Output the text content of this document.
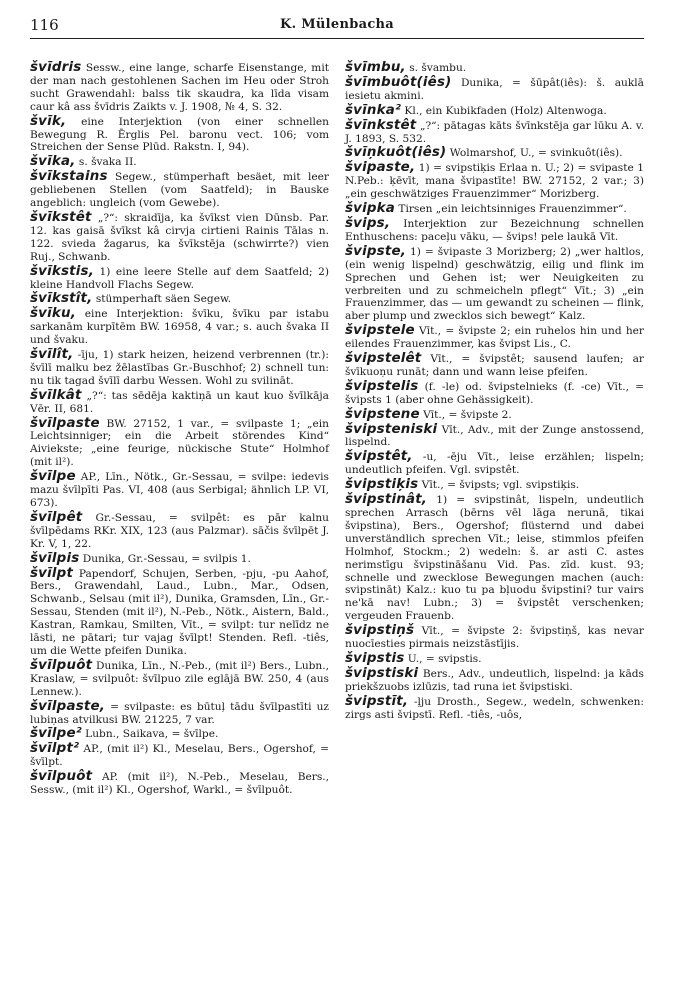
116	K. Mülenbacha
švīdris Sessw., eine lange, scharfe Eisenstange, mit der man nach gestohlenen Sachen im Heu oder Stroh sucht Grawendahl: balss tik skaudra, ka līda visam caur kâ ass švīdris Zaikts v. J. 1908, № 4, S. 32.
švīk, eine Interjektion (von einer schnellen Bewegung R. Ērglis Pel. baronu vect. 106; vom Streichen der Sense Plūd. Rakstn. I, 94).
švīka, s. švaka II.
švīkstains Segew., stümperhaft besäet, mit leer gebliebenen Stellen (vom Saatfeld); in Bauske angeblich: ungleich (vom Gewebe).
švīkstêt „?“: skraidīja, ka švīkst vien Dūnsb. Par. 12. kas gaisā švīkst kâ cirvja cirtieni Rainis Tālas n. 122. svieda žagarus, ka švīkstēja (schwirrte?) vien Ruj., Schwanb.
švīkstis, 1) eine leere Stelle auf dem Saatfeld; 2) kleine Handvoll Flachs Segew.
švīkstît, stümperhaft säen Segew.
švīku, eine Interjektion: švīku, švīku par istabu sarkanām kurpītēm BW. 16958, 4 var.; s. auch švaka II und švaku.
švīlît, -īju, 1) stark heizen, heizend verbrennen (tr.): švīlī malku bez žēlastības Gr.-Buschhof; 2) schnell tun: nu tik tagad švīlī darbu Wessen. Wohl zu svilināt.
švīlkât „?“: tas sēdēja kaktiņā un kaut kuo švīlkāja Vēr. II, 681.
švīlpaste BW. 27152, 1 var., = svilpaste 1; „ein Leichtsinniger; ein die Arbeit störendes Kind“ Aiviekste; „eine feurige, nückische Stute“ Holmhof (mit il²).
švīlpe AP., Līn., Nötk., Gr.-Sessau, = svilpe: iedevis mazu švīlpīti Pas. VI, 408 (aus Serbigal; ähnlich LP. VI, 673).
švīlpêt Gr.-Sessau, = svilpêt: es pār kalnu švīlpēdams RKr. XIX, 123 (aus Palzmar). sāčis švīlpēt J. Kr. V, 1, 22.
švīlpis Dunika, Gr.-Sessau, = svilpis 1.
švīlpt Papendorf, Schujen, Serben, -pju, -pu Aahof, Bers., Grawendahl, Laud., Lubn., Mar., Odsen, Schwanb., Selsau (mit il²), Dunika, Gramsden, Līn., Gr.-Sessau, Stenden (mit il²), N.-Peb., Nötk., Aistern, Bald., Kastran, Ramkau, Smilten, Vīt., = svilpt: tur nelīdz ne lāsti, ne pātari; tur vajag švīlpt! Stenden. Refl. -tiês, um die Wette pfeifen Dunika.
švīlpuôt Dunika, Līn., N.-Peb., (mit il²) Bers., Lubn., Kraslaw, = svilpuôt: švīlpuo zile eglājā BW. 250, 4 (aus Lennew.).
švīlpaste, = svilpaste: es būtuļ tādu švīlpastīti uz lubiņas atvilkusi BW. 21225, 7 var.
švīlpe² Lubn., Saikava, = švīlpe.
švīlpt² AP., (mit il²) Kl., Meselau, Bers., Ogershof, = švīlpt.
švīlpuôt AP. (mit il²), N.-Peb., Meselau, Bers., Sessw., (mit il²) Kl., Ogershof, Warkl., = švīlpuôt.
švīmbu, s. švambu.
švīmbuôt(iês) Dunika, = šūpât(iês): š. auklā iesietu akmini.
švīnka² Kl., ein Kubikfaden (Holz) Altenwoga.
švīnkstêt „?“: pātagas kāts švīnkstēja gar lūku A. v. J. 1893, S. 532.
švīņkuôt(iês) Wolmarshof, U., = svinkuôt(iês).
švipaste, 1) = svipstiķis Erlaa n. U.; 2) = svipaste 1 N.Peb.: ķēvīt, mana švipastīte! BW. 27152, 2 var.; 3) „ein geschwätziges Frauenzimmer“ Morizberg.
švipka Tirsen „ein leichtsinniges Frauenzimmer“.
švips, Interjektion zur Bezeichnung schnellen Enthuschens: paceļu vāku, — švips! pele laukā Vīt.
švipste, 1) = švipaste 3 Morizberg; 2) „wer haltlos, (ein wenig lispelnd) geschwätzig, eilig und flink im Sprechen und Gehen ist; wer Neuigkeiten zu verbreiten und zu schmeicheln pflegt“ Vīt.; 3) „ein Frauenzimmer, das — um gewandt zu scheinen — flink, aber plump und zwecklos sich bewegt“ Kalz.
švipstele Vīt., = švipste 2; ein ruhelos hin und her eilendes Frauenzimmer, kas švipst Lis., C.
švipstelêt Vīt., = švipstêt; sausend laufen; ar švīkuoņu runāt; dann und wann leise pfeifen.
švipstelis (f. -le) od. švipstelnieks (f. -ce) Vīt., = švipsts 1 (aber ohne Gehässigkeit).
švipstene Vīt., = švipste 2.
švipsteniski Vīt., Adv., mit der Zunge anstossend, lispelnd.
švipstêt, -u, -ēju Vīt., leise erzählen; lispeln; undeutlich pfeifen. Vgl. svipstêt.
švipstiķis Vīt., = švipsts; vgl. svipstiķis.
švipstinât, 1) = svipstinât, lispeln, undeutlich sprechen Arrasch (bērns vēl lāga nerunā, tikai švipstina), Bers., Ogershof; flüsternd und dabei unverständlich sprechen Vīt.; leise, stimmlos pfeifen Holmhof, Stockm.; 2) wedeln: š. ar asti C. astes nerimstīgu švipstināšanu Vid. Pas. zīd. kust. 93; schnelle und zwecklose Bewegungen machen (auch: svipstināt) Kalz.: kuo tu pa bļuodu švipstini? tur vairs ne'kā nav! Lubn.; 3) = švipstêt verschenken; vergeuden Frauenb.
švipstiņš Vīt., = švipste 2: švipstiņš, kas nevar nuocīesties pirmais neizstāstījis.
švipstis U., = svipstis.
švipstiski Bers., Adv., undeutlich, lispelnd: ja kāds priekšzuobs izlūzis, tad runa iet švipstiski.
švipstīt, -ļju Drosth., Segew., wedeln, schwenken: zirgs asti švipstī. Refl. -tiês, -uôs,
